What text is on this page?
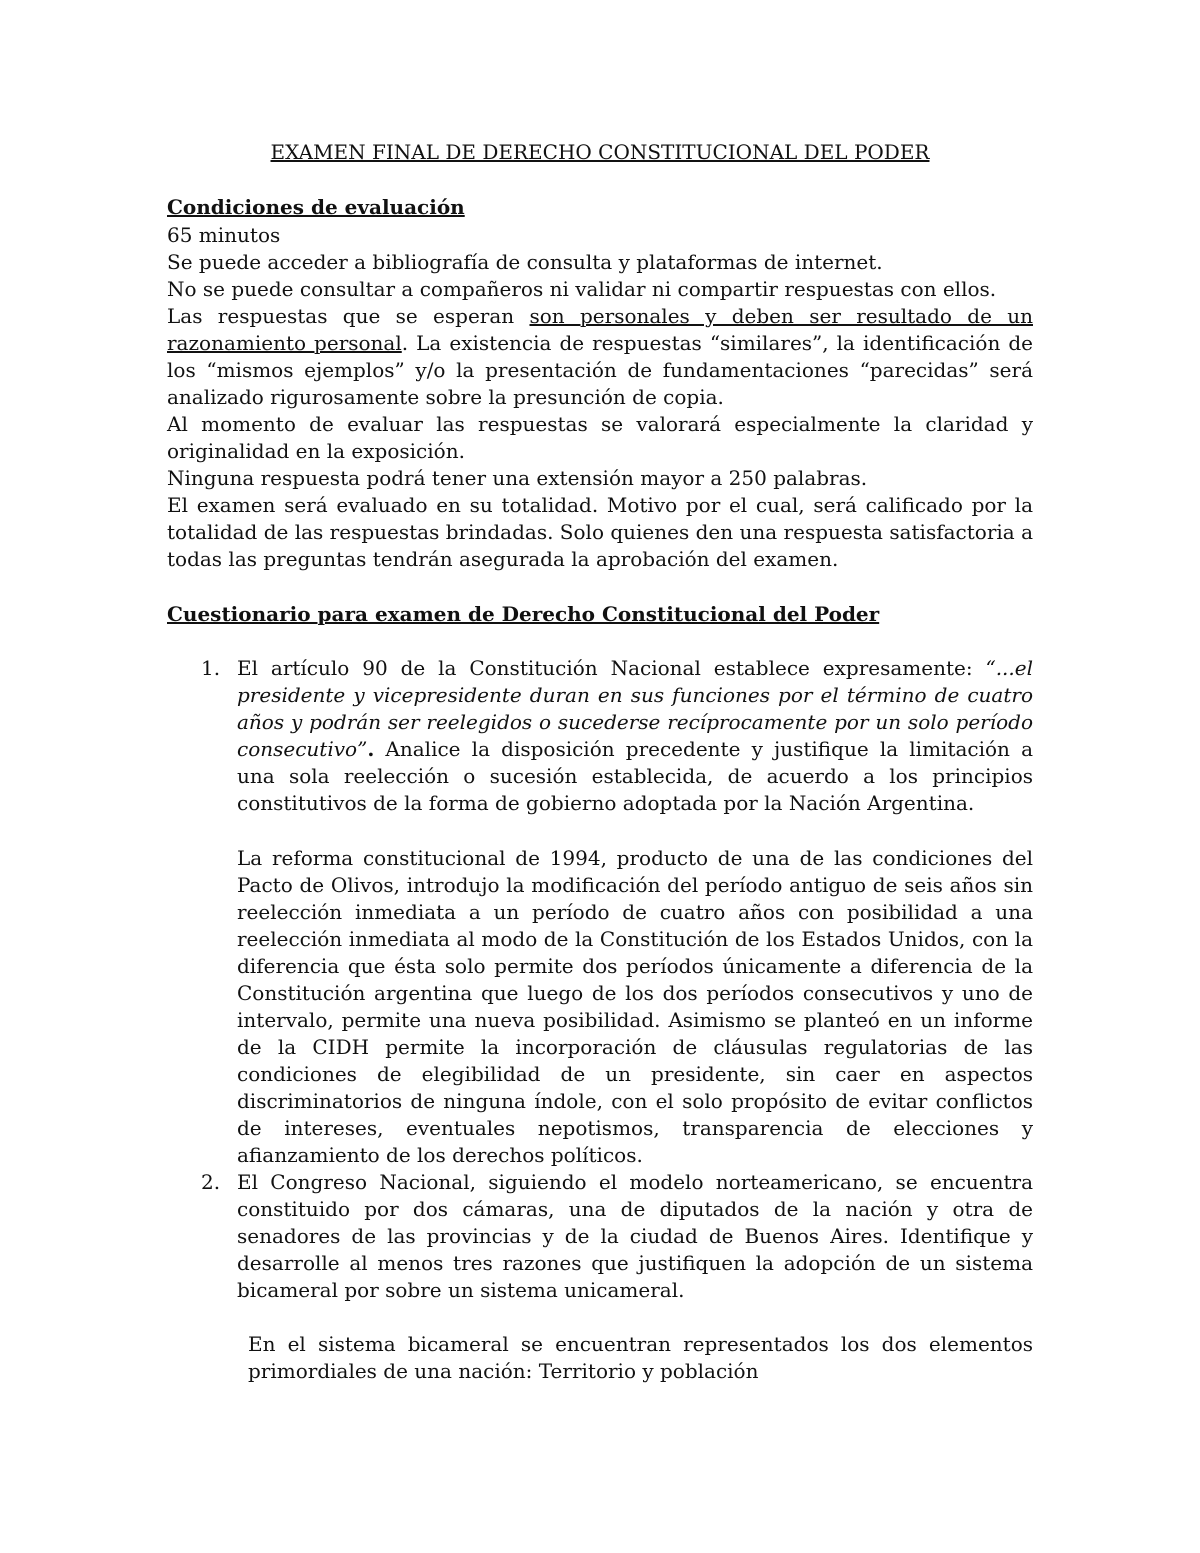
EXAMEN FINAL DE DERECHO CONSTITUCIONAL DEL PODER

Condiciones de evaluación

65 minutos

Se puede acceder a bibliografía de consulta y plataformas de internet.

No se puede consultar a compañeros ni validar ni compartir respuestas con ellos.

Las respuestas que se esperan son personales y deben ser resultado de un razonamiento personal. La existencia de respuestas “similares”, la identificación de los “mismos ejemplos” y/o la presentación de fundamentaciones “parecidas” será analizado rigurosamente sobre la presunción de copia.

Al momento de evaluar las respuestas se valorará especialmente la claridad y originalidad en la exposición.

Ninguna respuesta podrá tener una extensión mayor a 250 palabras.

El examen será evaluado en su totalidad. Motivo por el cual, será calificado por la totalidad de las respuestas brindadas. Solo quienes den una respuesta satisfactoria a todas las preguntas tendrán asegurada la aprobación del examen.

Cuestionario para examen de Derecho Constitucional del Poder

1. El artículo 90 de la Constitución Nacional establece expresamente: “...el presidente y vicepresidente duran en sus funciones por el término de cuatro años y podrán ser reelegidos o sucederse recíprocamente por un solo período consecutivo”. Analice la disposición precedente y justifique la limitación a una sola reelección o sucesión establecida, de acuerdo a los principios constitutivos de la forma de gobierno adoptada por la Nación Argentina.

La reforma constitucional de 1994, producto de una de las condiciones del Pacto de Olivos, introdujo la modificación del período antiguo de seis años sin reelección inmediata a un período de cuatro años con posibilidad a una reelección inmediata al modo de la Constitución de los Estados Unidos, con la diferencia que ésta solo permite dos períodos únicamente a diferencia de la Constitución argentina que luego de los dos períodos consecutivos y uno de intervalo, permite una nueva posibilidad. Asimismo se planteó en un informe de la CIDH permite la incorporación de cláusulas regulatorias de las condiciones de elegibilidad de un presidente, sin caer en aspectos discriminatorios de ninguna índole, con el solo propósito de evitar conflictos de intereses, eventuales nepotismos, transparencia de elecciones y afianzamiento de los derechos políticos.

2. El Congreso Nacional, siguiendo el modelo norteamericano, se encuentra constituido por dos cámaras, una de diputados de la nación y otra de senadores de las provincias y de la ciudad de Buenos Aires. Identifique y desarrolle al menos tres razones que justifiquen la adopción de un sistema bicameral por sobre un sistema unicameral.

En el sistema bicameral se encuentran representados los dos elementos primordiales de una nación: Territorio y población
